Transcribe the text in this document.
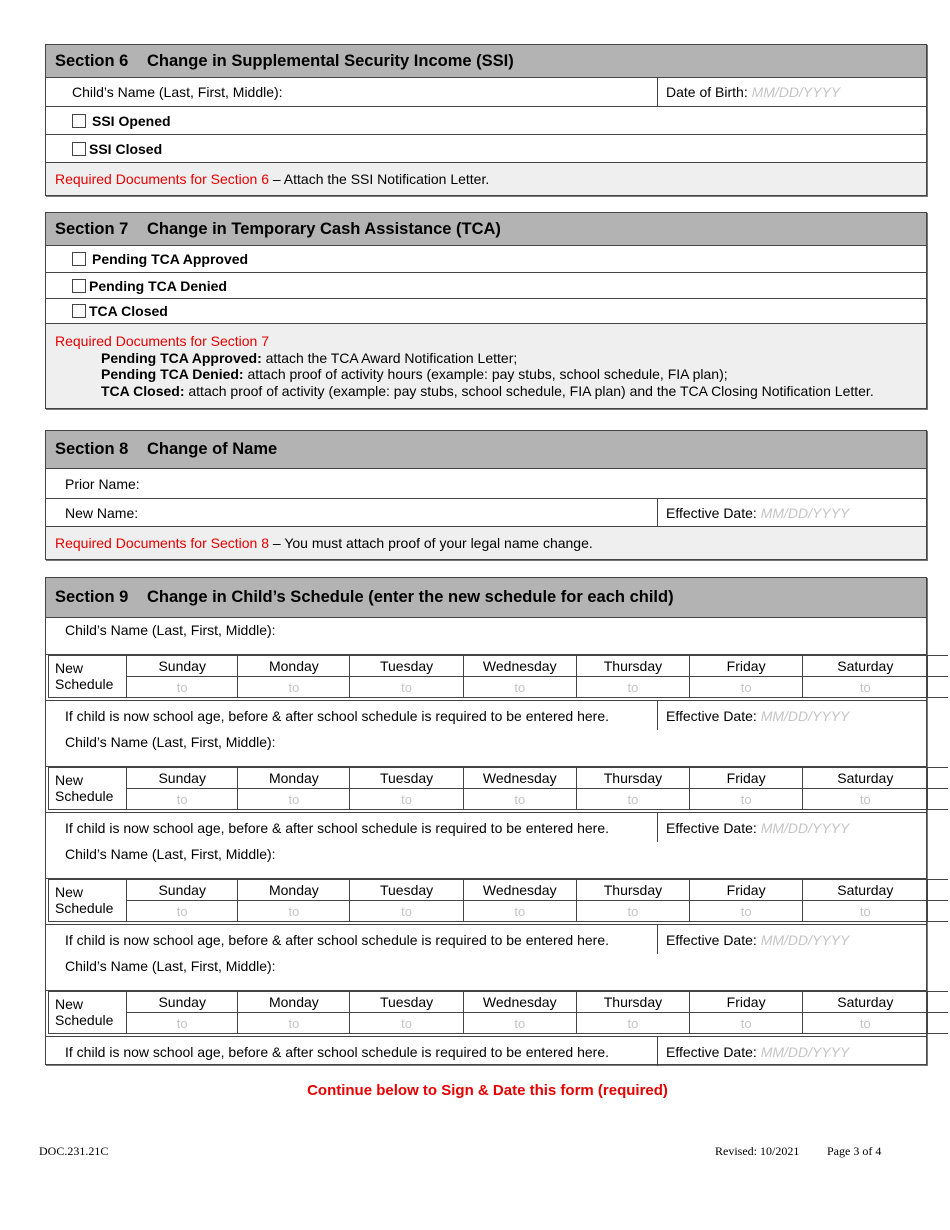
Section 6	Change in Supplemental Security Income (SSI)
Child’s Name (Last, First, Middle):	Date of Birth:
MM/DD/YYYY
SSI Opened
SSI Closed
Required Documents for Section 6 – Attach the SSI Notification Letter.
Section 7	Change in Temporary Cash Assistance (TCA)
Pending TCA Approved
Pending TCA Denied
TCA Closed
Required Documents for Section 7
Pending TCA Approved: attach the TCA Award Notification Letter;
Pending TCA Denied: attach proof of activity hours (example: pay stubs, school schedule, FIA plan);
TCA Closed: attach proof of activity (example: pay stubs, school schedule, FIA plan) and the TCA Closing Notification Letter.
Section 8	Change of Name
Prior Name:
New Name:	Effective Date:
MM/DD/YYYY
Required Documents for Section 8 – You must attach proof of your legal name change.
Section 9	Change in Child’s Schedule (enter the new schedule for each child)
Child’s Name (Last, First, Middle):
New
Schedule	Sunday	Monday	Tuesday	Wednesday	Thursday	Friday	Saturday	
	to	to	to	to	to	to	to	
If child is now school age, before & after school schedule is required to be entered here.	Effective Date:
MM/DD/YYYY
Child’s Name (Last, First, Middle):
New
Schedule	Sunday	Monday	Tuesday	Wednesday	Thursday	Friday	Saturday	
	to	to	to	to	to	to	to	
If child is now school age, before & after school schedule is required to be entered here.	Effective Date:
MM/DD/YYYY
Child’s Name (Last, First, Middle):
New
Schedule	Sunday	Monday	Tuesday	Wednesday	Thursday	Friday	Saturday	
	to	to	to	to	to	to	to	
If child is now school age, before & after school schedule is required to be entered here.	Effective Date:
MM/DD/YYYY
Child’s Name (Last, First, Middle):
New
Schedule	Sunday	Monday	Tuesday	Wednesday	Thursday	Friday	Saturday	
	to	to	to	to	to	to	to	
If child is now school age, before & after school schedule is required to be entered here.	Effective Date:
MM/DD/YYYY
Continue below to Sign & Date this form (required)
DOC.231.21C	Revised: 10/2021 Page 3 of 4
